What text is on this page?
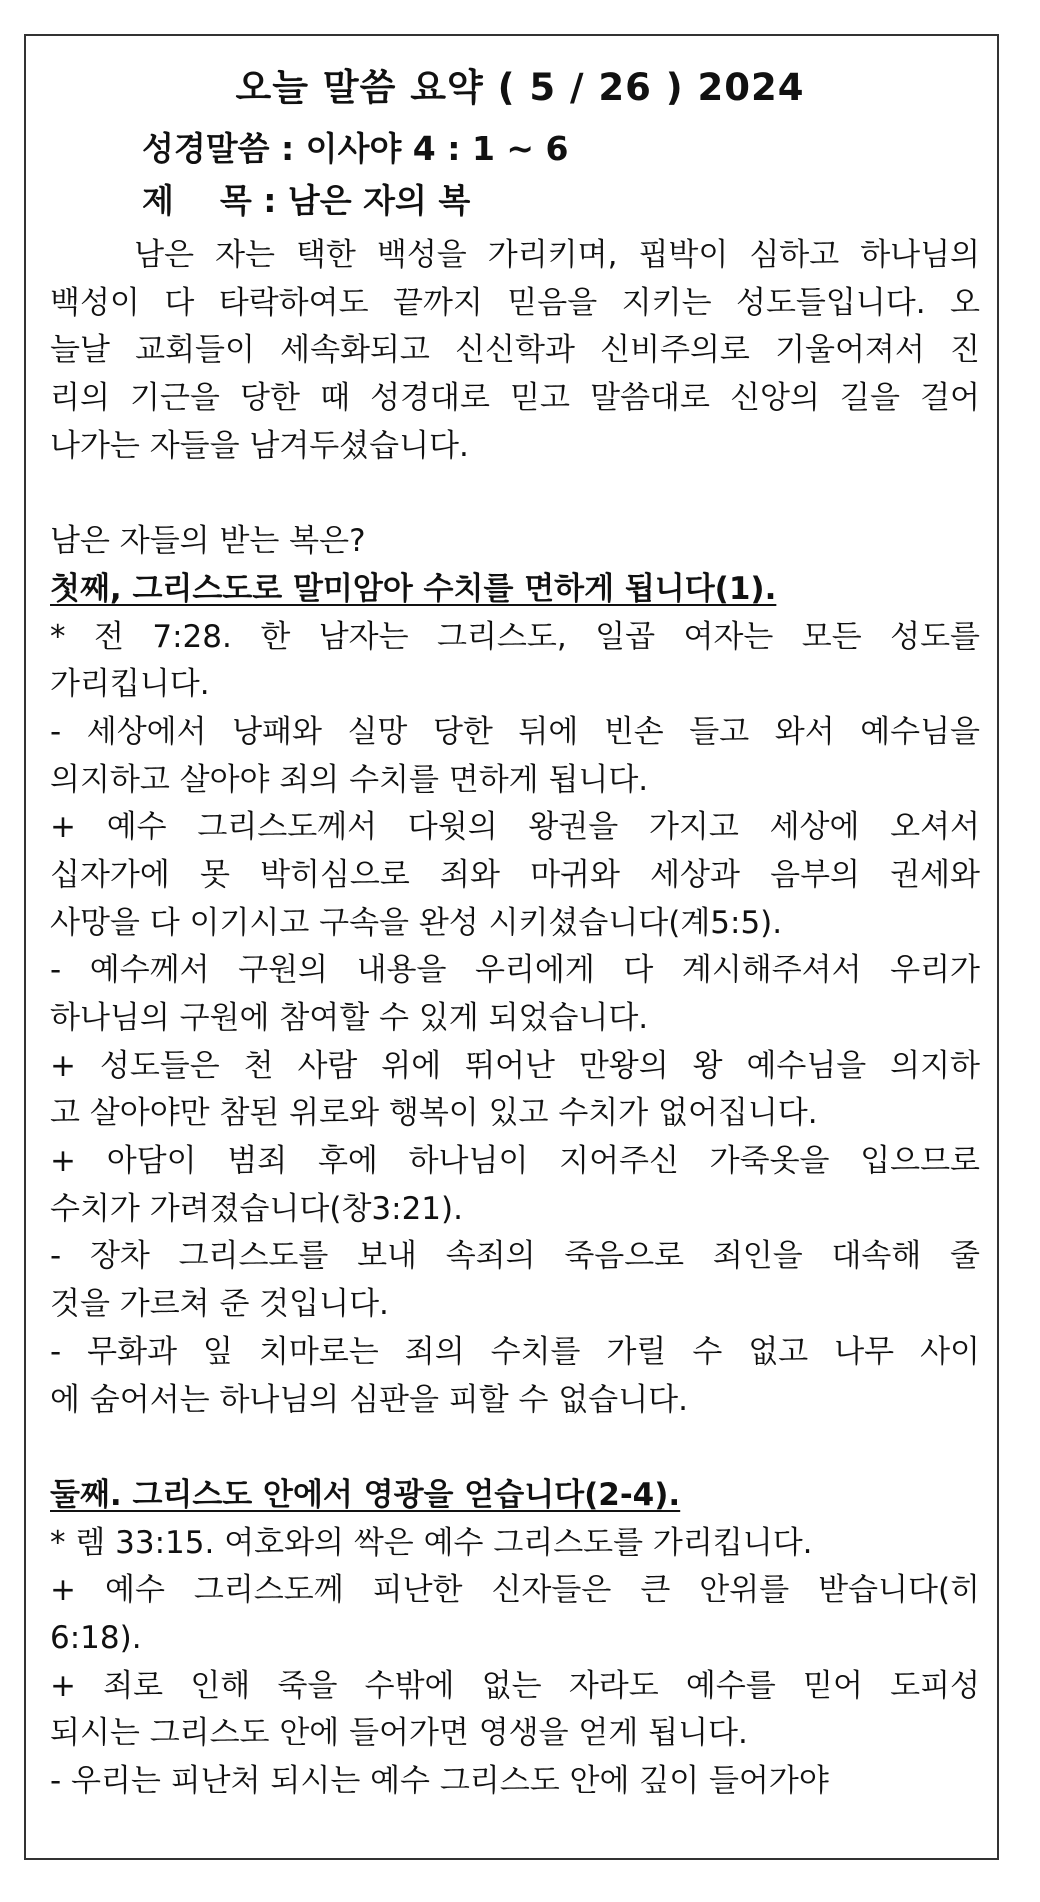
오늘 말씀 요약 ( 5 / 26 ) 2024
성경말씀 : 이사야 4 : 1 ~ 6
제    목 : 남은 자의 복
남은 자는 택한 백성을 가리키며, 핍박이 심하고 하나님의
백성이 다 타락하여도 끝까지 믿음을 지키는 성도들입니다. 오
늘날 교회들이 세속화되고 신신학과 신비주의로 기울어져서 진
리의 기근을 당한 때 성경대로 믿고 말씀대로 신앙의 길을 걸어
나가는 자들을 남겨두셨습니다.
남은 자들의 받는 복은?
첫째, 그리스도로 말미암아 수치를 면하게 됩니다(1).
* 전 7:28. 한 남자는 그리스도, 일곱 여자는 모든 성도를
가리킵니다.
- 세상에서 낭패와 실망 당한 뒤에 빈손 들고 와서 예수님을
의지하고 살아야 죄의 수치를 면하게 됩니다.
+ 예수 그리스도께서 다윗의 왕권을 가지고 세상에 오셔서
십자가에 못 박히심으로 죄와 마귀와 세상과 음부의 권세와
사망을 다 이기시고 구속을 완성 시키셨습니다(계5:5).
- 예수께서 구원의 내용을 우리에게 다 계시해주셔서 우리가
하나님의 구원에 참여할 수 있게 되었습니다.
+ 성도들은 천 사람 위에 뛰어난 만왕의 왕 예수님을 의지하
고 살아야만 참된 위로와 행복이 있고 수치가 없어집니다.
+ 아담이 범죄 후에 하나님이 지어주신 가죽옷을 입으므로
수치가 가려졌습니다(창3:21).
- 장차 그리스도를 보내 속죄의 죽음으로 죄인을 대속해 줄
것을 가르쳐 준 것입니다.
- 무화과 잎 치마로는 죄의 수치를 가릴 수 없고 나무 사이
에 숨어서는 하나님의 심판을 피할 수 없습니다.
둘째. 그리스도 안에서 영광을 얻습니다(2-4).
* 렘 33:15. 여호와의 싹은 예수 그리스도를 가리킵니다.
+ 예수 그리스도께 피난한 신자들은 큰 안위를 받습니다(히
6:18).
+ 죄로 인해 죽을 수밖에 없는 자라도 예수를 믿어 도피성
되시는 그리스도 안에 들어가면 영생을 얻게 됩니다.
- 우리는 피난처 되시는 예수 그리스도 안에 깊이 들어가야
